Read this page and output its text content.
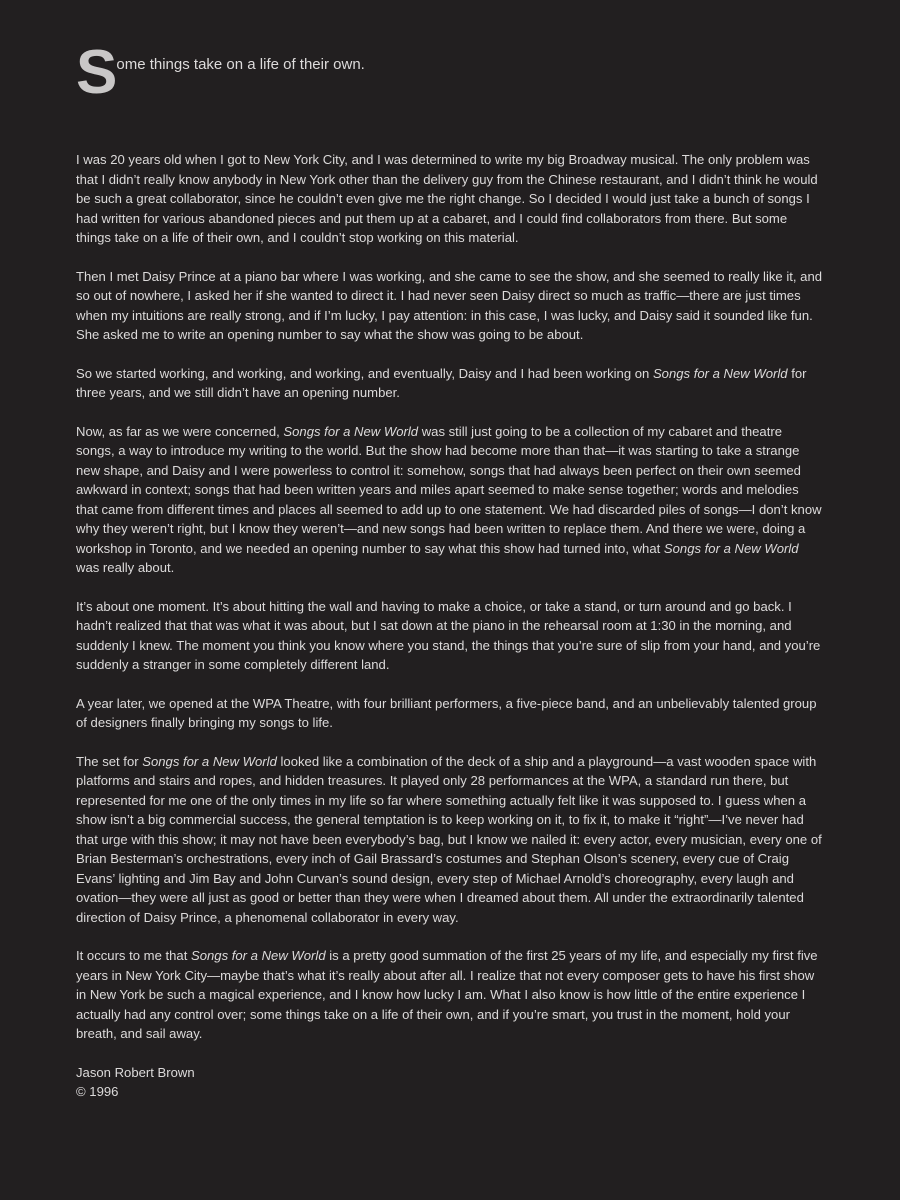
Some things take on a life of their own.

I was 20 years old when I got to New York City, and I was determined to write my big Broadway musical. The only problem was that I didn’t really know anybody in New York other than the delivery guy from the Chinese restaurant, and I didn’t think he would be such a great collaborator, since he couldn’t even give me the right change. So I decided I would just take a bunch of songs I had written for various abandoned pieces and put them up at a cabaret, and I could find collaborators from there. But some things take on a life of their own, and I couldn’t stop working on this material.

Then I met Daisy Prince at a piano bar where I was working, and she came to see the show, and she seemed to really like it, and so out of nowhere, I asked her if she wanted to direct it. I had never seen Daisy direct so much as traffic—there are just times when my intuitions are really strong, and if I’m lucky, I pay attention: in this case, I was lucky, and Daisy said it sounded like fun. She asked me to write an opening number to say what the show was going to be about.

So we started working, and working, and working, and eventually, Daisy and I had been working on Songs for a New World for three years, and we still didn’t have an opening number.

Now, as far as we were concerned, Songs for a New World was still just going to be a collection of my cabaret and theatre songs, a way to introduce my writing to the world. But the show had become more than that—it was starting to take a strange new shape, and Daisy and I were powerless to control it: somehow, songs that had always been perfect on their own seemed awkward in context; songs that had been written years and miles apart seemed to make sense together; words and melodies that came from different times and places all seemed to add up to one statement. We had discarded piles of songs—I don’t know why they weren’t right, but I know they weren’t—and new songs had been written to replace them. And there we were, doing a workshop in Toronto, and we needed an opening number to say what this show had turned into, what Songs for a New World was really about.

It’s about one moment. It’s about hitting the wall and having to make a choice, or take a stand, or turn around and go back. I hadn’t realized that that was what it was about, but I sat down at the piano in the rehearsal room at 1:30 in the morning, and suddenly I knew. The moment you think you know where you stand, the things that you’re sure of slip from your hand, and you’re suddenly a stranger in some completely different land.

A year later, we opened at the WPA Theatre, with four brilliant performers, a five-piece band, and an unbelievably talented group of designers finally bringing my songs to life.

The set for Songs for a New World looked like a combination of the deck of a ship and a playground—a vast wooden space with platforms and stairs and ropes, and hidden treasures. It played only 28 performances at the WPA, a standard run there, but represented for me one of the only times in my life so far where something actually felt like it was supposed to. I guess when a show isn’t a big commercial success, the general temptation is to keep working on it, to fix it, to make it “right”—I’ve never had that urge with this show; it may not have been everybody’s bag, but I know we nailed it: every actor, every musician, every one of Brian Besterman’s orchestrations, every inch of Gail Brassard’s costumes and Stephan Olson’s scenery, every cue of Craig Evans’ lighting and Jim Bay and John Curvan’s sound design, every step of Michael Arnold’s choreography, every laugh and ovation—they were all just as good or better than they were when I dreamed about them. All under the extraordinarily talented direction of Daisy Prince, a phenomenal collaborator in every way.

It occurs to me that Songs for a New World is a pretty good summation of the first 25 years of my life, and especially my first five years in New York City—maybe that’s what it’s really about after all. I realize that not every composer gets to have his first show in New York be such a magical experience, and I know how lucky I am. What I also know is how little of the entire experience I actually had any control over; some things take on a life of their own, and if you’re smart, you trust in the moment, hold your breath, and sail away.

Jason Robert Brown
© 1996
